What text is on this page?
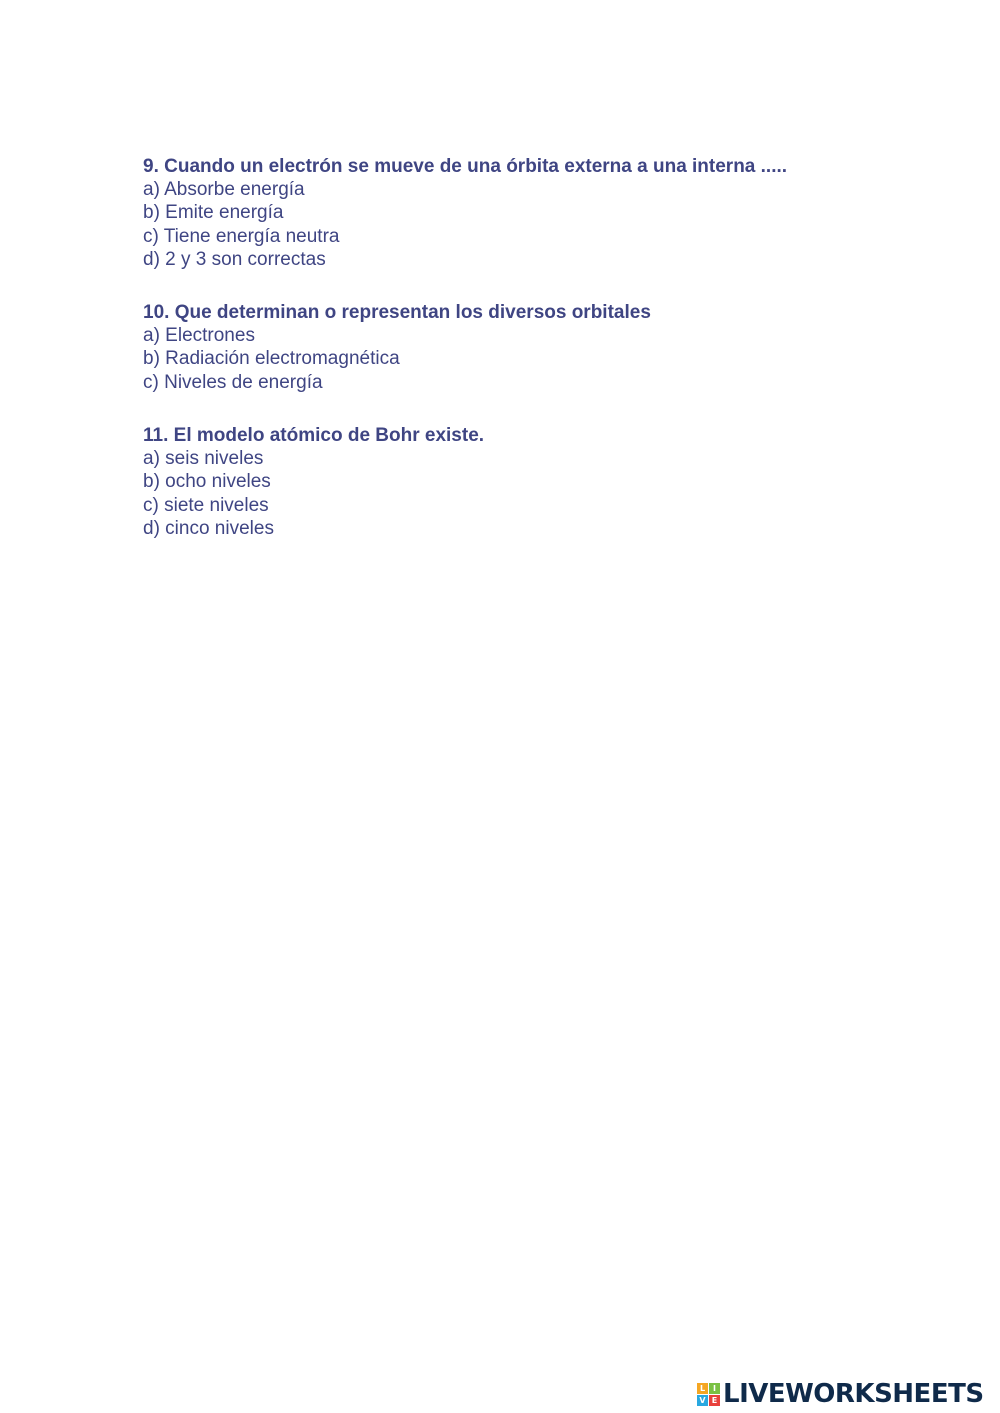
9. Cuando un electrón se mueve de una órbita externa a una interna .....

a) Absorbe energía

b) Emite energía

c) Tiene energía neutra

d) 2 y 3 son correctas

10. Que determinan o representan los diversos orbitales

a) Electrones

b) Radiación electromagnética

c) Niveles de energía

11. El modelo atómico de Bohr existe.

a) seis niveles

b) ocho niveles

c) siete niveles

d) cinco niveles

L I
V E LIVEWORKSHEETS
